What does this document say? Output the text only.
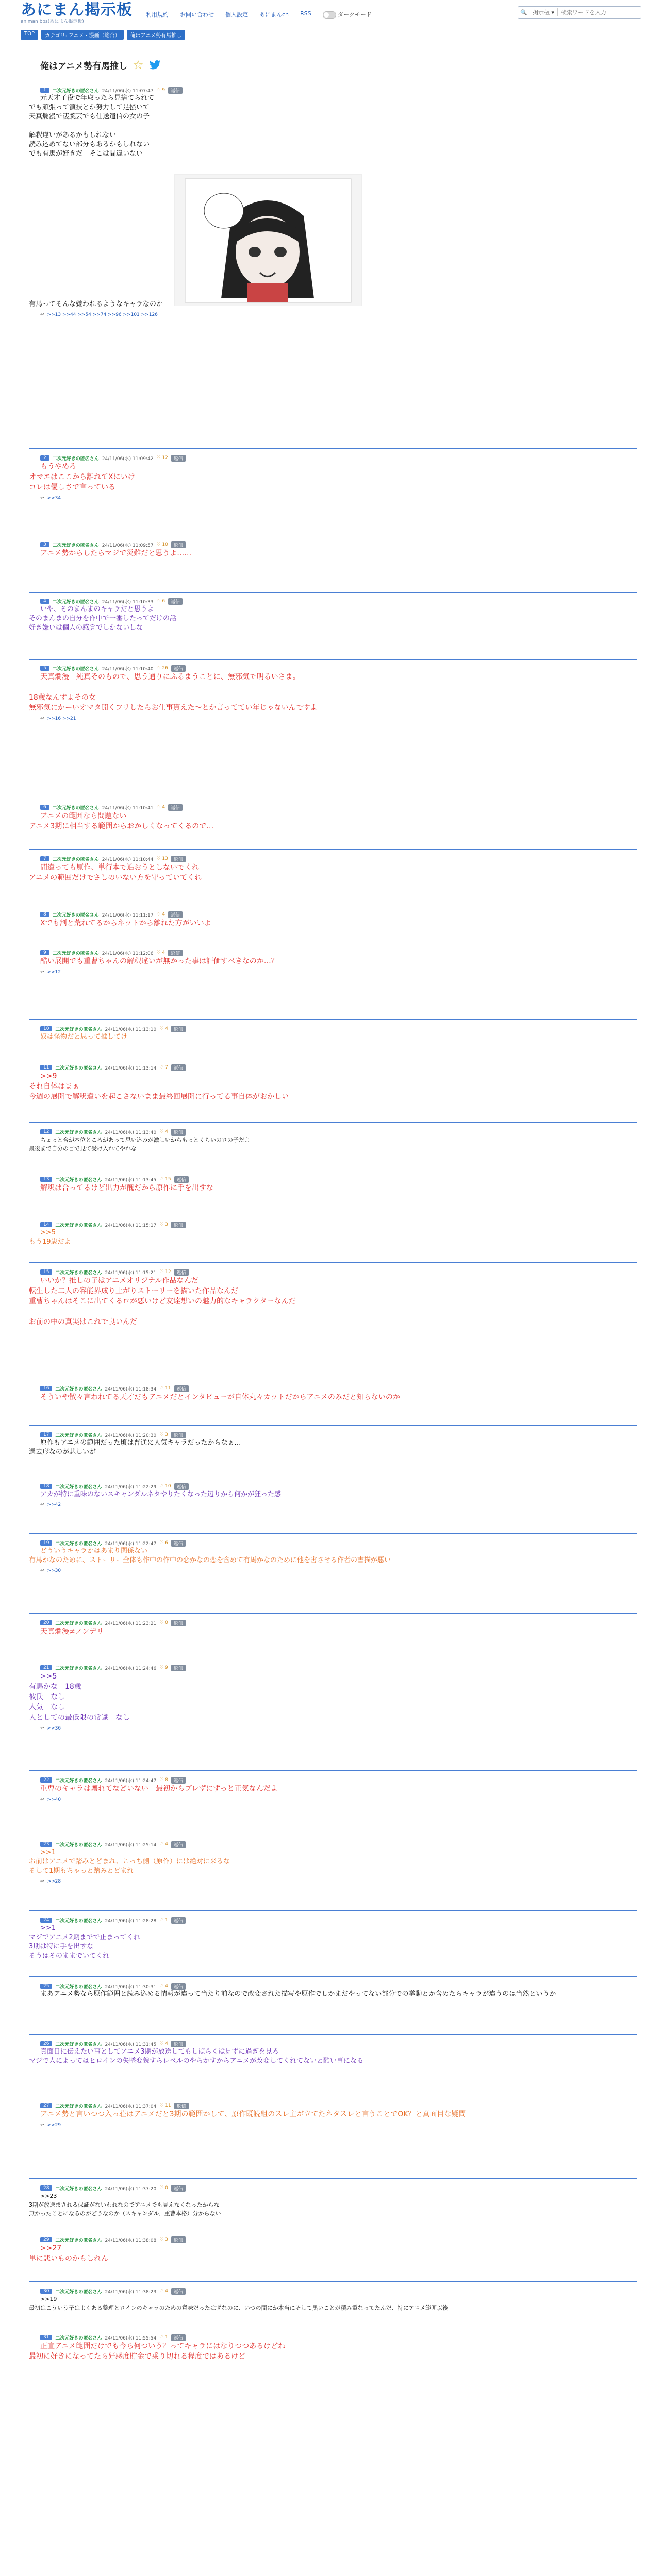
あにまん掲示板
animan bbs(あにまん掲示板)
利用規約 お問い合わせ 個人設定 あにまんch RSS	ダークモード	🔍 掲示板 ▾
検索ワードを入力
TOP	カテゴリ: アニメ・漫画（総合）	俺はアニメ勢有馬推し
俺はアニメ勢有馬推し ☆
1	二次元好きの匿名さん 24/11/06(水) 11:07:47 ♡ 9	返信
元天才子役で年取ったら見捨てられて
でも頑張って演技とか努力して足掻いて
天真爛漫で凄腕芸でも仕送遣信の女の子

解釈違いがあるかもしれない
読み込めてない部分もあるかもしれない
でも有馬が好きだ　そこは間違いない

有馬ってそんな嫌われるようなキャラなのか
↩ >>13 >>44 >>54 >>74 >>96 >>101 >>126
2	二次元好きの匿名さん 24/11/06(水) 11:09:42 ♡ 12	返信
もうやめろ
オマエはここから離れてXにいけ
コレは優しさで言っている
↩ >>34
3	二次元好きの匿名さん 24/11/06(水) 11:09:57 ♡ 10	返信
アニメ勢からしたらマジで災難だと思うよ……
4	二次元好きの匿名さん 24/11/06(水) 11:10:33 ♡ 6	返信
いや、そのまんまのキャラだと思うよ
そのまんまの自分を作中で一番したってだけの話
好き嫌いは個人の感覚でしかないしな
5	二次元好きの匿名さん 24/11/06(水) 11:10:40 ♡ 26	返信
天真爛漫　純真そのもので、思う通りにふるまうことに、無邪気で明るいさま。

18歳なんすよその女
無邪気にかーいオマタ開くフリしたらお仕事貰えた〜とか言っててい年じゃないんですよ
↩ >>16 >>21
6	二次元好きの匿名さん 24/11/06(水) 11:10:41 ♡ 4	返信
アニメの範囲なら問題ない
アニメ3期に相当する範囲からおかしくなってくるので…
7	二次元好きの匿名さん 24/11/06(水) 11:10:44 ♡ 13	返信
間違っても原作、単行本で追おうとしないでくれ
アニメの範囲だけでさしのいない方を守っていてくれ
8	二次元好きの匿名さん 24/11/06(水) 11:11:17 ♡ 4	返信
Xでも割と荒れてるからネットから離れた方がいいよ
9	二次元好きの匿名さん 24/11/06(水) 11:12:06 ♡ 4	返信
酷い展開でも重曹ちゃんの解釈違いが無かった事は評価すべきなのか…？
↩ >>12
10	二次元好きの匿名さん 24/11/06(水) 11:13:10 ♡ 4	返信
奴は怪物だと思って推してけ
11	二次元好きの匿名さん 24/11/06(水) 11:13:14 ♡ 7	返信
>>9
それ自体はまぁ
今週の展開で解釈違いを起こさないまま最終回展開に行ってる事自体がおかしい
12	二次元好きの匿名さん 24/11/06(水) 11:13:40 ♡ 4	返信
ちょっと合が本位ところがあって思い込みが激しいからもっとくらいのロの子だよ
最後まで自分の目で見て受け入れてやれな
13	二次元好きの匿名さん 24/11/06(水) 11:13:45 ♡ 15	返信
解釈は合ってるけど出力が醜だから原作に手を出すな
14	二次元好きの匿名さん 24/11/06(水) 11:15:17 ♡ 3	返信
>>5
もう19歳だよ
15	二次元好きの匿名さん 24/11/06(水) 11:15:21 ♡ 12	返信
いいか？推しの子はアニメオリジナル作品なんだ
転生した二人の容能界成り上がりストーリーを描いた作品なんだ
重曹ちゃんはそこに出てくるロが悪いけど友達想いの魅力的なキャラクターなんだ

お前の中の真実はこれで良いんだ
16	二次元好きの匿名さん 24/11/06(水) 11:18:34 ♡ 11	返信
そういや散々言われてる天才だもアニメだとインタビューが自体丸々カットだからアニメのみだと知らないのか
17	二次元好きの匿名さん 24/11/06(水) 11:20:30 ♡ 3	返信
原作もアニメの範囲だった頃は普通に人気キャラだったからなぁ…
過去形なのが悲しいが
18	二次元好きの匿名さん 24/11/06(水) 11:22:29 ♡ 10	返信
アカが特に重味のないスキャンダルネタやりたくなった辺りから何かが狂った感
↩ >>42
19	二次元好きの匿名さん 24/11/06(水) 11:22:47 ♡ 6	返信
どういうキャラかはあまり関係ない
有馬かなのために、ストーリー全体も作中の作中の恋かなの恋を含めて有馬かなのために他を害させる作者の書描が悪い
↩ >>30
20	二次元好きの匿名さん 24/11/06(水) 11:23:21 ♡ 0	返信
天真爛漫≠ノンデリ
21	二次元好きの匿名さん 24/11/06(水) 11:24:46 ♡ 9	返信
>>5
有馬かな　18歳
彼氏　なし
人気　なし
人としての最低限の常識　なし
↩ >>36
22	二次元好きの匿名さん 24/11/06(水) 11:24:47 ♡ 8	返信
重曹のキャラは壊れてなどいない　最初からブレずにずっと正気なんだよ
↩ >>40
23	二次元好きの匿名さん 24/11/06(水) 11:25:14 ♡ 4	返信
>>1
お前はアニメで踏みとどまれ、こっち側（原作）には絶対に来るな
そして1期もちゃっと踏みとどまれ
↩ >>28
24	二次元好きの匿名さん 24/11/06(水) 11:28:28 ♡ 1	返信
>>1
マジでアニメ2期までで止まってくれ
3期は特に手を出すな
そうはそのままでいてくれ
25	二次元好きの匿名さん 24/11/06(水) 11:30:31 ♡ 4	返信
まあアニメ勢なら原作範囲と読み込める情報が違って当たり前なので改変された描写や原作でしかまだやってない部分での挙動とか含めたらキャラが違うのは当然というか
26	二次元好きの匿名さん 24/11/06(水) 11:31:45 ♡ 4	返信
真面目に伝えたい事としてアニメ3期が放送してもしばらくは見ずに過ぎを見ろ
マジで人によってはヒロインの失墜変貌すらレベルのやらかすからアニメが改変してくれてないと酷い事になる
27	二次元好きの匿名さん 24/11/06(水) 11:37:04 ♡ 11	返信
アニメ勢と言いつつ入っ荘はアニメだと3期の範囲かして、原作既読組のスレ主が立てたネタスレと言うことでOK？と真面目な疑問
↩ >>29
28	二次元好きの匿名さん 24/11/06(水) 11:37:20 ♡ 0	返信
>>23
3期が放送まされる保証がないわれなのでアニメでも見えなくなったからな
無かったことになるのがどうなのか（スキャンダル、重曹本格）分からない
29	二次元好きの匿名さん 24/11/06(水) 11:38:08 ♡ 3	返信
>>27
単に悲いものかもしれん
30	二次元好きの匿名さん 24/11/06(水) 11:38:23 ♡ 4	返信
>>19
最初はこういう子はよくある整理とロインのキャラのための意味だったはずなのに、いつの間にか本当にそして黒いことが積み重なってたんだ、特にアニメ範囲以後
31	二次元好きの匿名さん 24/11/06(水) 11:55:54 ♡ 1	返信
正直アニメ範囲だけでも今ら何ついう？ってキャラにはなりつつあるけどね
最初に好きになってたら好感度貯金で乗り切れる程度ではあるけど
